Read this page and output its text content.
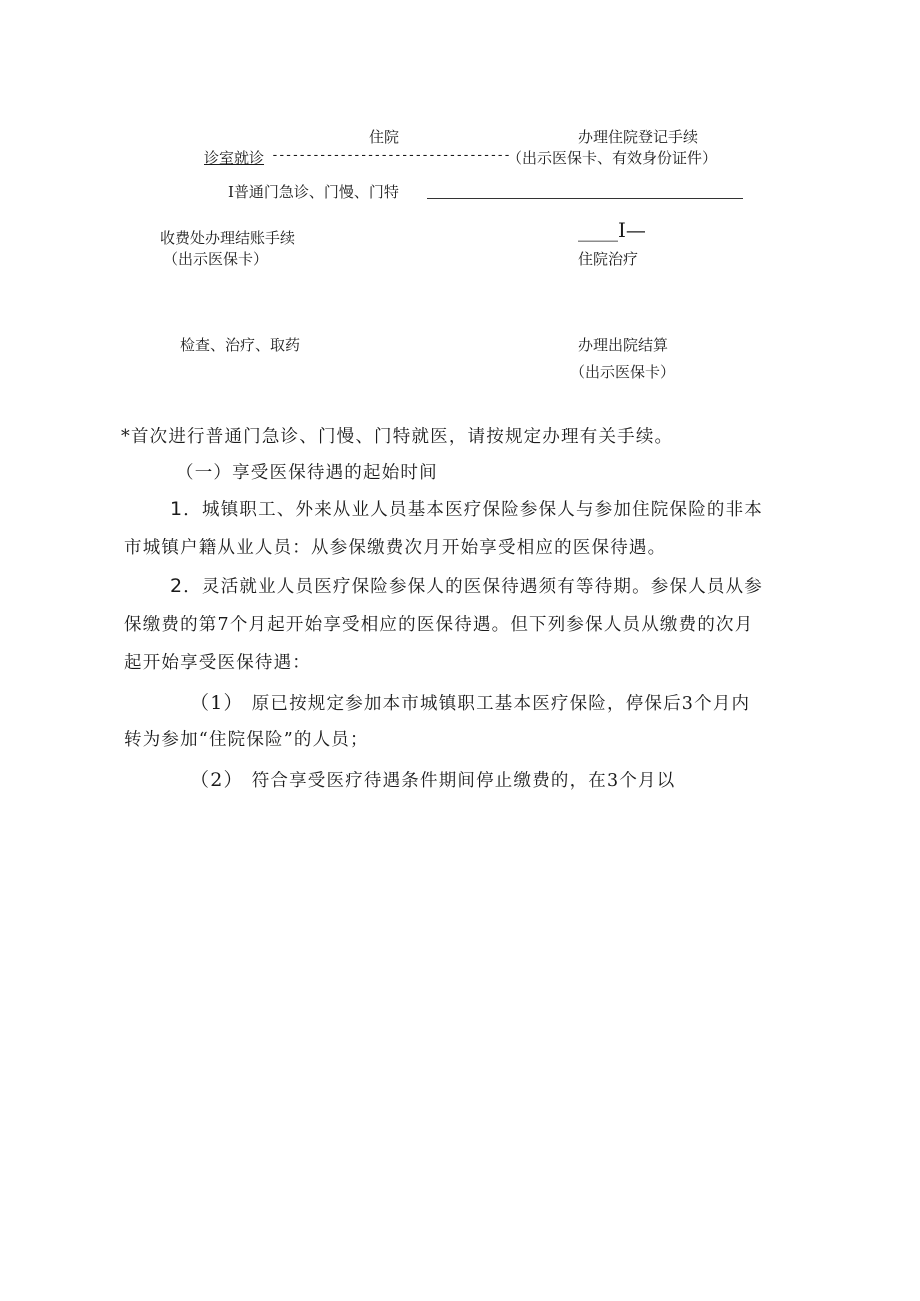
住院	办理住院登记手续
诊室就诊 -----------------------------------
（出示医保卡、有效身份证件）
I普通门急诊、门慢、门特
收费处办理结账手续	____I—
（出示医保卡）	住院治疗
检查、治疗、取药	办理出院结算
（出示医保卡）
*首次进行普通门急诊、门慢、门特就医，请按规定办理有关手续。
（一）享受医保待遇的起始时间
1．城镇职工、外来从业人员基本医疗保险参保人与参加住院保险的非本
市城镇户籍从业人员：从参保缴费次月开始享受相应的医保待遇。
2．灵活就业人员医疗保险参保人的医保待遇须有等待期。参保人员从参
保缴费的第7个月起开始享受相应的医保待遇。但下列参保人员从缴费的次月
起开始享受医保待遇：
（1） 原已按规定参加本市城镇职工基本医疗保险，停保后3个月内
转为参加“住院保险”的人员；
（2） 符合享受医疗待遇条件期间停止缴费的，在3个月以
